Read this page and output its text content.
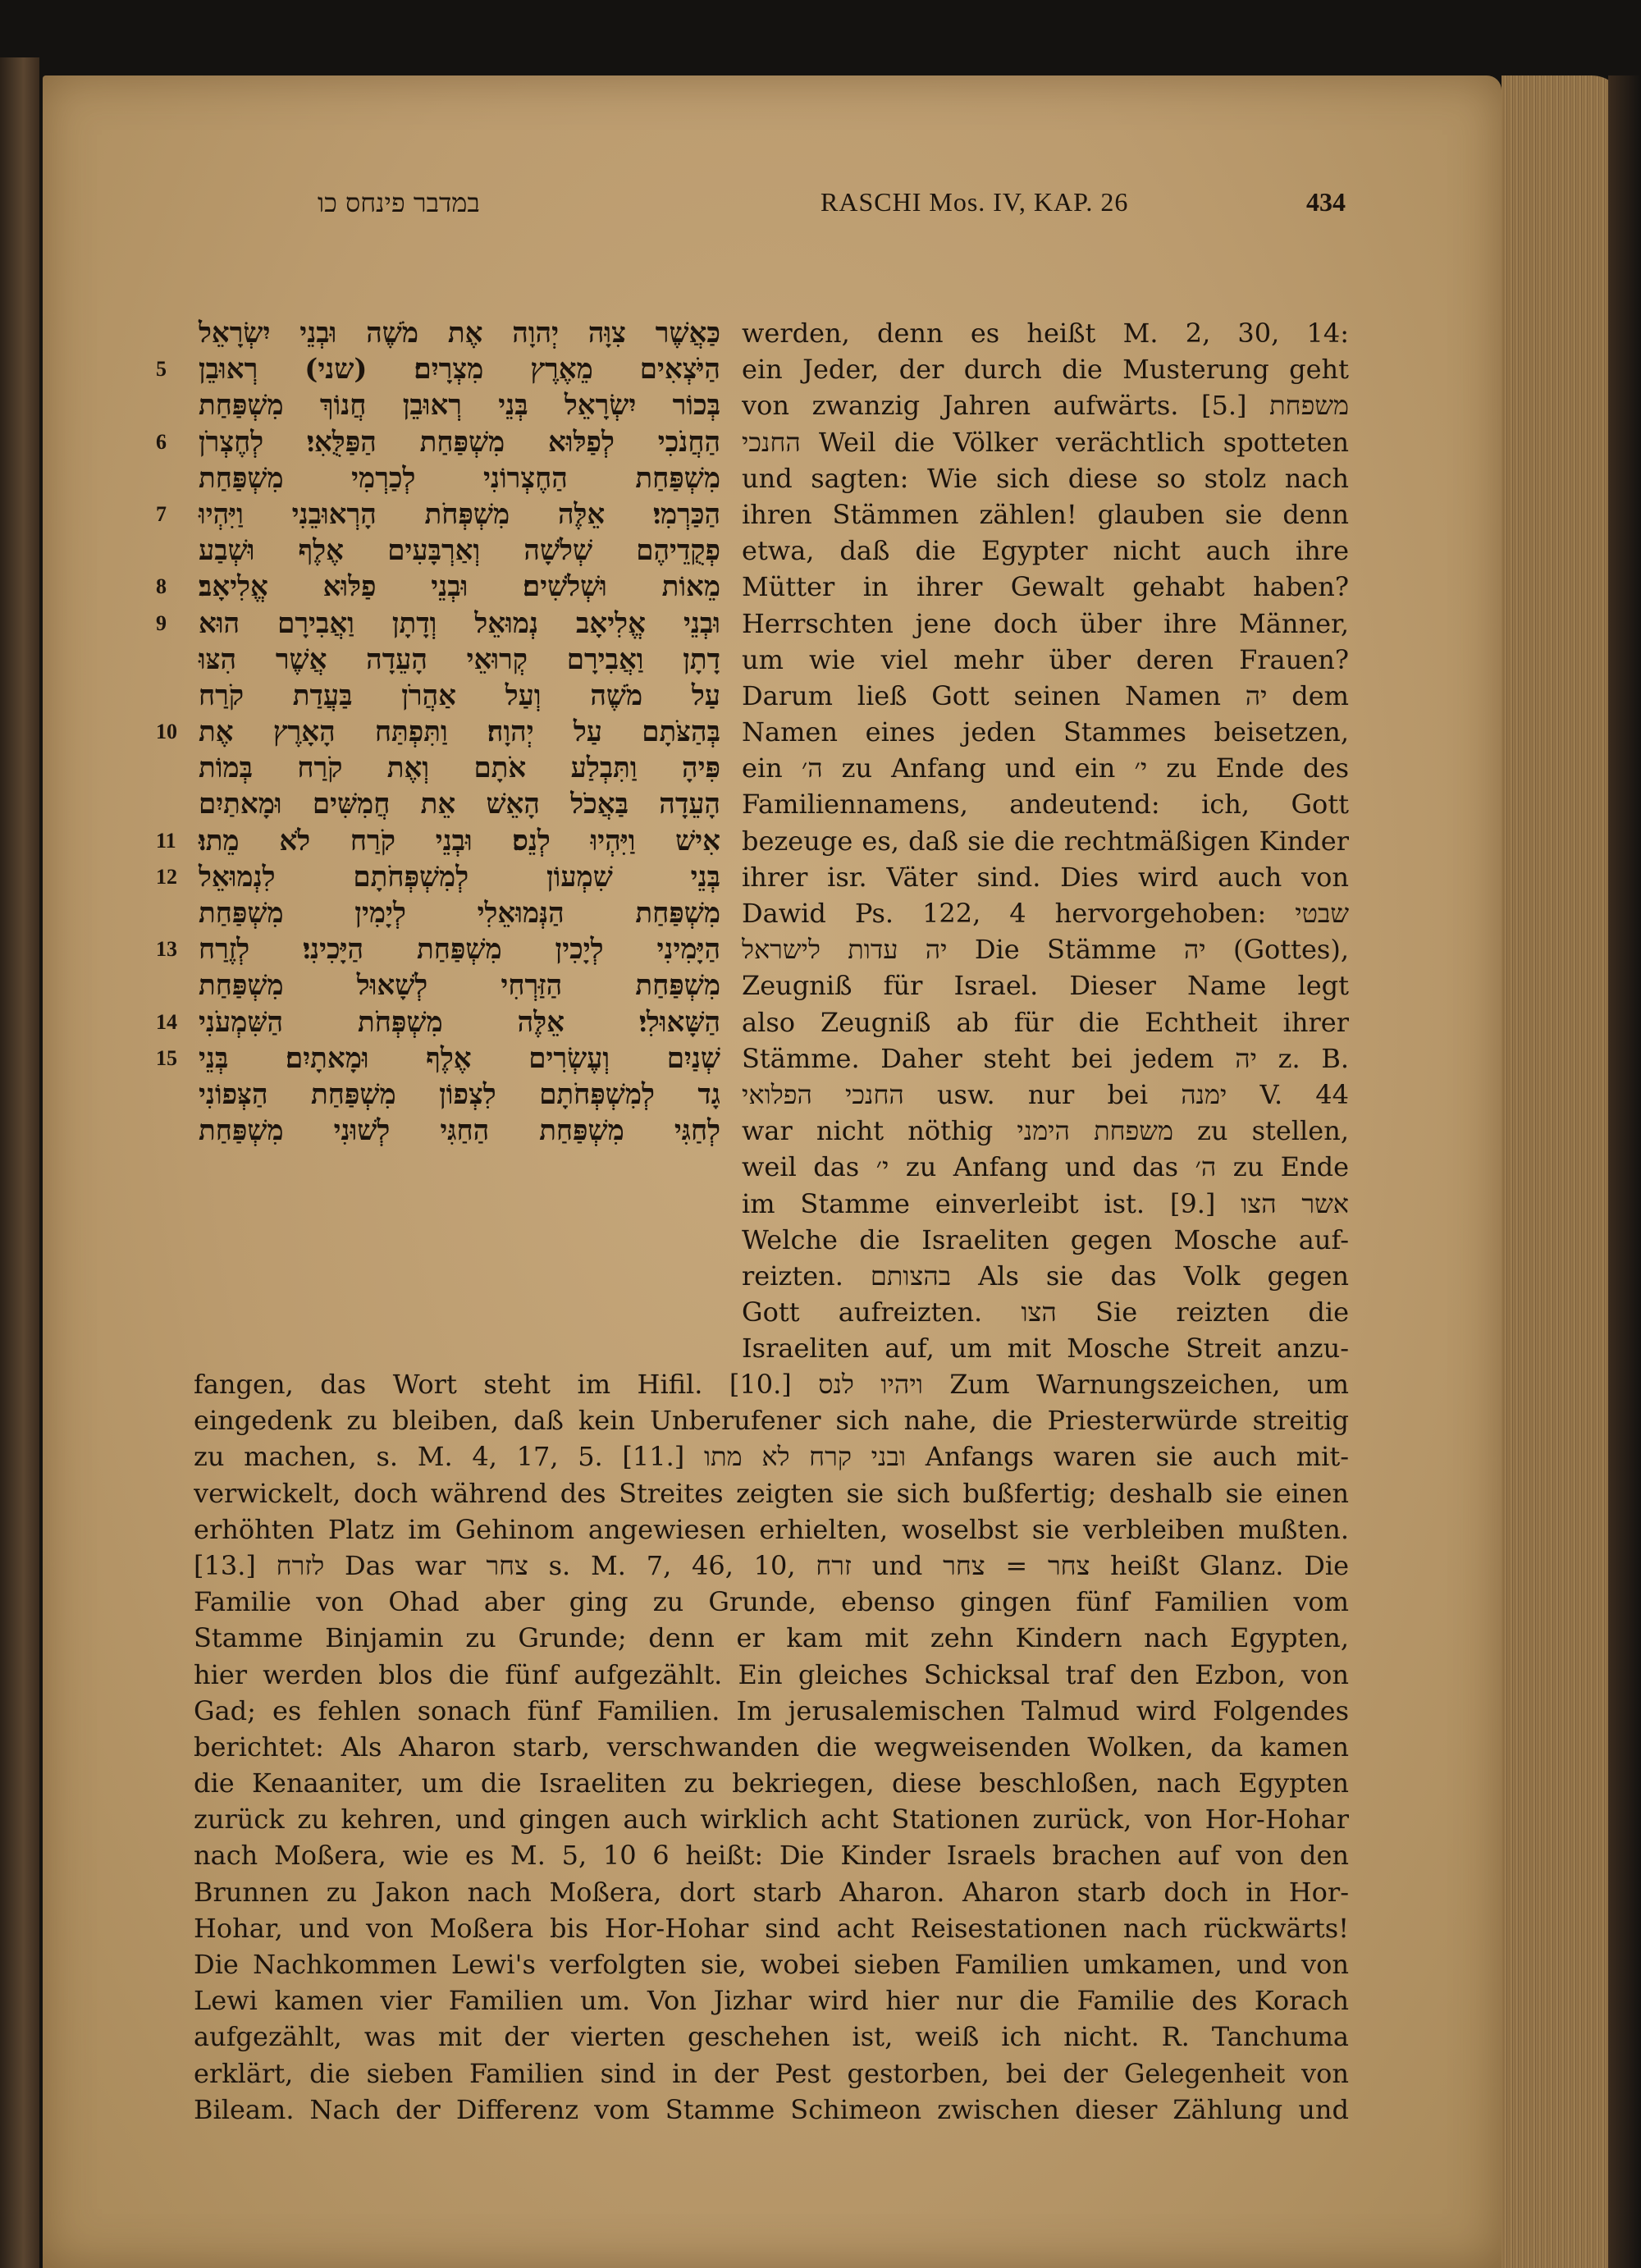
במדבר פינחס כו	RASCHI Mos. IV, KAP. 26	434
כַּאֲשֶׁר צִוָּה יְהוָה אֶת מֹשֶׁה וּבְנֵי יִשְׂרָאֵל
5 הַיֹּצְאִים מֵאֶרֶץ מִצְרָיִם׃ (שני) רְאוּבֵן
בְּכוֹר יִשְׂרָאֵל בְּנֵי רְאוּבֵן חֲנוֹךְ מִשְׁפַּחַת
6 הַחֲנֹכִי לְפַלּוּא מִשְׁפַּחַת הַפַּלֻּאִי׃ לְחֶצְרֹן
מִשְׁפַּחַת הַחֶצְרוֹנִי לְכַרְמִי מִשְׁפַּחַת
7 הַכַּרְמִי׃ אֵלֶּה מִשְׁפְּחֹת הָרְאוּבֵנִי וַיִּהְיוּ
פְקֻדֵיהֶם שְׁלֹשָׁה וְאַרְבָּעִים אֶלֶף וּשְׁבַע
8 מֵאוֹת וּשְׁלֹשִׁים׃ וּבְנֵי פַלּוּא אֱלִיאָב׃
9 וּבְנֵי אֱלִיאָב נְמוּאֵל וְדָתָן וַאֲבִירָם הוּא
דָתָן וַאֲבִירָם קְרוּאֵי הָעֵדָה אֲשֶׁר הִצּוּ
עַל מֹשֶׁה וְעַל אַהֲרֹן בַּעֲדַת קֹרַח
10 בְּהַצֹּתָם עַל יְהוָה׃ וַתִּפְתַּח הָאָרֶץ אֶת
פִּיהָ וַתִּבְלַע אֹתָם וְאֶת קֹרַח בְּמוֹת
הָעֵדָה בַּאֲכֹל הָאֵשׁ אֵת חֲמִשִּׁים וּמָאתַיִם
11 אִישׁ וַיִּהְיוּ לְנֵס׃ וּבְנֵי קֹרַח לֹא מֵתוּ׃
12 בְּנֵי שִׁמְעוֹן לְמִשְׁפְּחֹתָם לִנְמוּאֵל
מִשְׁפַּחַת הַנְּמוּאֵלִי לְיָמִין מִשְׁפַּחַת
13 הַיָּמִינִי לְיָכִין מִשְׁפַּחַת הַיָּכִינִי׃ לְזֶרַח
מִשְׁפַּחַת הַזַּרְחִי לְשָׁאוּל מִשְׁפַּחַת
14 הַשָּׁאוּלִי׃ אֵלֶּה מִשְׁפְּחֹת הַשִּׁמְעֹנִי
15 שְׁנַיִם וְעֶשְׂרִים אֶלֶף וּמָאתָיִם׃ בְּנֵי
גָד לְמִשְׁפְּחֹתָם לִצְפוֹן מִשְׁפַּחַת הַצְּפוֹנִי
לְחַגִּי מִשְׁפַּחַת הַחַגִּי לְשׁוּנִי מִשְׁפַּחַת
werden, denn es heißt M. 2, 30, 14:
ein Jeder, der durch die Musterung geht
von zwanzig Jahren aufwärts. [5.] משפחת
החנכי Weil die Völker verächtlich spotteten
und sagten: Wie sich diese so stolz nach
ihren Stämmen zählen! glauben sie denn
etwa, daß die Egypter nicht auch ihre
Mütter in ihrer Gewalt gehabt haben?
Herrschten jene doch über ihre Männer,
um wie viel mehr über deren Frauen?
Darum ließ Gott seinen Namen יה dem
Namen eines jeden Stammes beisetzen,
ein ה׳ zu Anfang und ein י׳ zu Ende des
Familiennamens, andeutend: ich, Gott
bezeuge es, daß sie die rechtmäßigen Kinder
ihrer isr. Väter sind. Dies wird auch von
Dawid Ps. 122, 4 hervorgehoben: שבטי
יה עדות לישראל Die Stämme יה (Gottes),
Zeugniß für Israel. Dieser Name legt
also Zeugniß ab für die Echtheit ihrer
Stämme. Daher steht bei jedem יה z. B.
החנכי הפלואי usw. nur bei ימנה V. 44
war nicht nöthig משפחת הימני zu stellen,
weil das י׳ zu Anfang und das ה׳ zu Ende
im Stamme einverleibt ist. [9.] אשר הצו
Welche die Israeliten gegen Mosche auf-
reizten. בהצותם Als sie das Volk gegen
Gott aufreizten. הצו Sie reizten die
Israeliten auf, um mit Mosche Streit anzu-
fangen, das Wort steht im Hifil. [10.] ויהיו לנס Zum Warnungszeichen, um
eingedenk zu bleiben, daß kein Unberufener sich nahe, die Priesterwürde streitig
zu machen, s. M. 4, 17, 5. [11.] ובני קרח לא מתו Anfangs waren sie auch mit-
verwickelt, doch während des Streites zeigten sie sich bußfertig; deshalb sie einen
erhöhten Platz im Gehinom angewiesen erhielten, woselbst sie verbleiben mußten.
[13.] לזרח Das war צחר s. M. 7, 46, 10, זרח und צחר = צחר heißt Glanz. Die
Familie von Ohad aber ging zu Grunde, ebenso gingen fünf Familien vom
Stamme Binjamin zu Grunde; denn er kam mit zehn Kindern nach Egypten,
hier werden blos die fünf aufgezählt. Ein gleiches Schicksal traf den Ezbon, von
Gad; es fehlen sonach fünf Familien. Im jerusalemischen Talmud wird Folgendes
berichtet: Als Aharon starb, verschwanden die wegweisenden Wolken, da kamen
die Kenaaniter, um die Israeliten zu bekriegen, diese beschloßen, nach Egypten
zurück zu kehren, und gingen auch wirklich acht Stationen zurück, von Hor-Hohar
nach Moßera, wie es M. 5, 10 6 heißt: Die Kinder Israels brachen auf von den
Brunnen zu Jakon nach Moßera, dort starb Aharon. Aharon starb doch in Hor-
Hohar, und von Moßera bis Hor-Hohar sind acht Reisestationen nach rückwärts!
Die Nachkommen Lewi's verfolgten sie, wobei sieben Familien umkamen, und von
Lewi kamen vier Familien um. Von Jizhar wird hier nur die Familie des Korach
aufgezählt, was mit der vierten geschehen ist, weiß ich nicht. R. Tanchuma
erklärt, die sieben Familien sind in der Pest gestorben, bei der Gelegenheit von
Bileam. Nach der Differenz vom Stamme Schimeon zwischen dieser Zählung und
